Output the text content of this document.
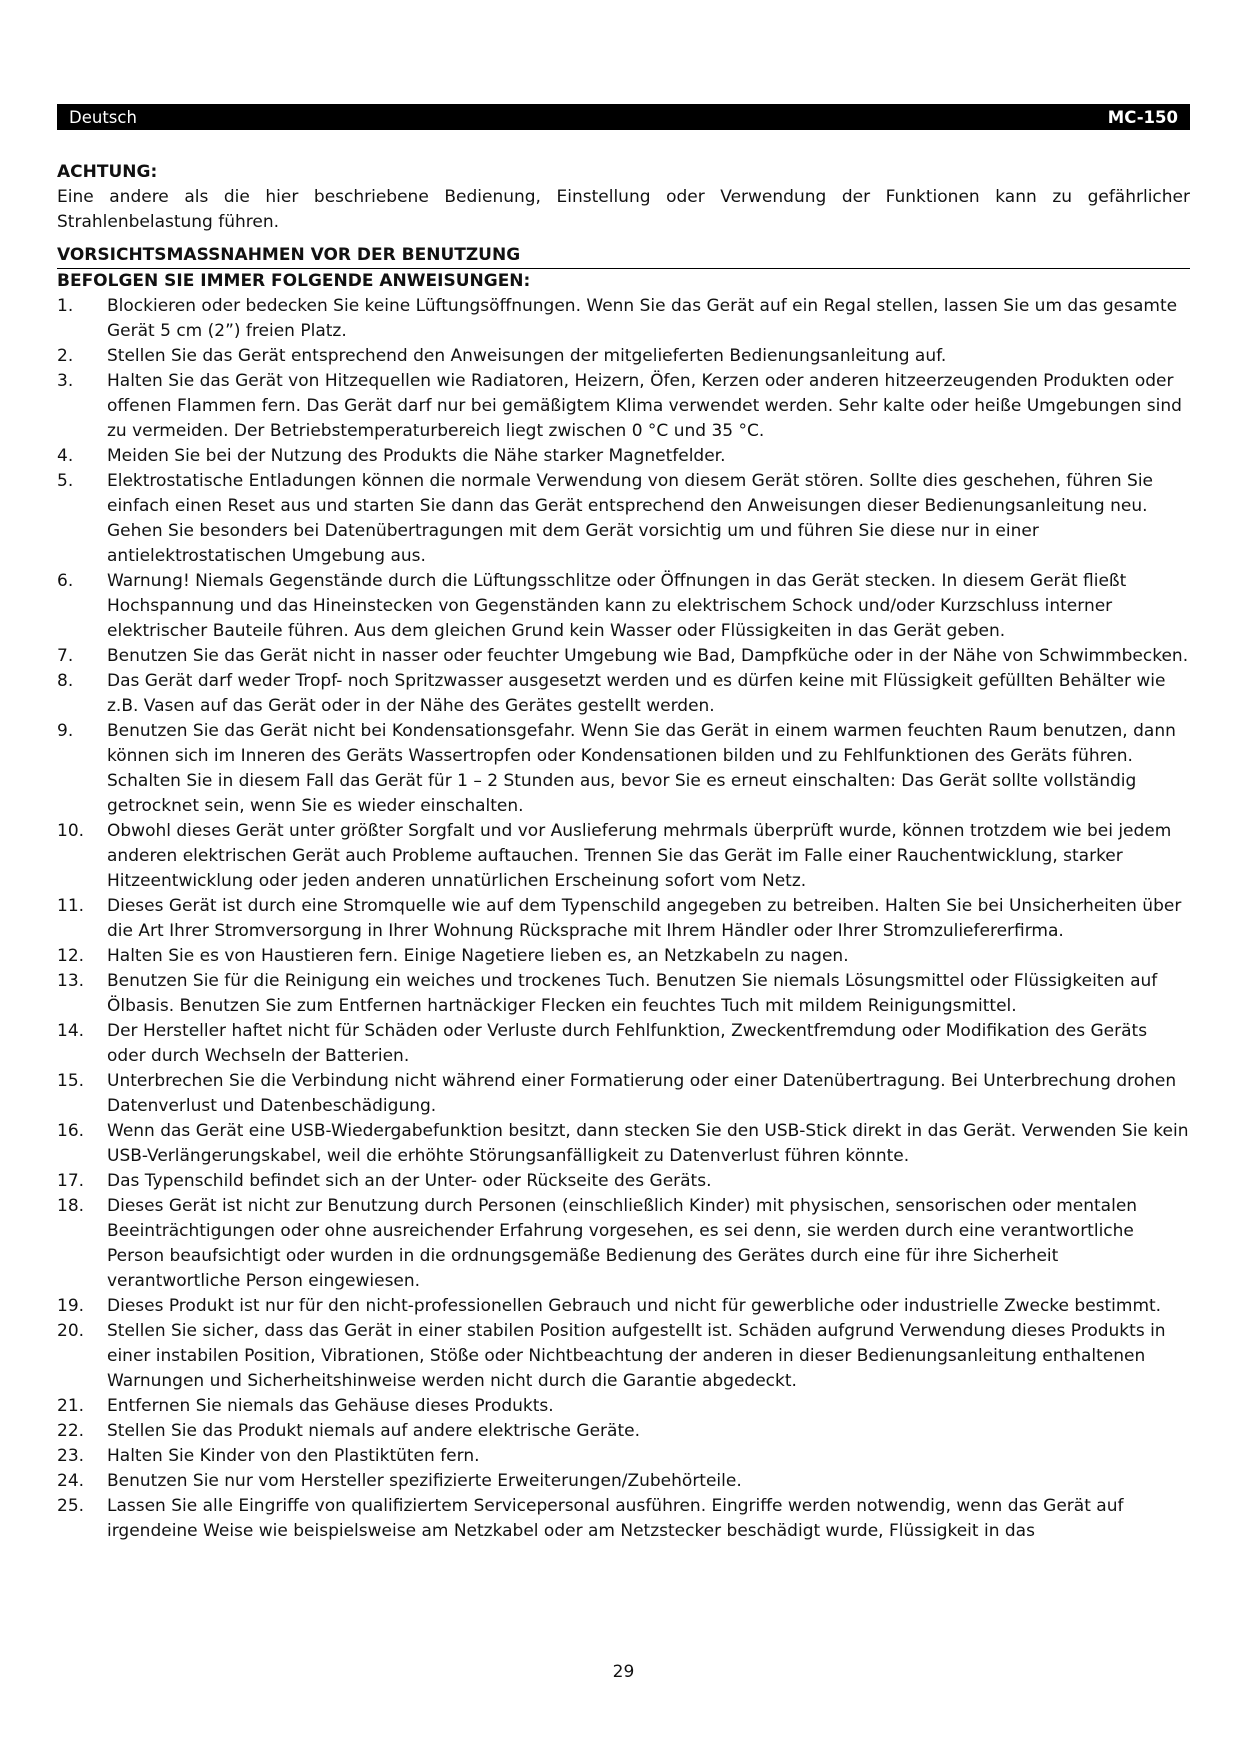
Deutsch	MC-150
ACHTUNG:
Eine andere als die hier beschriebene Bedienung, Einstellung oder Verwendung der Funktionen kann zu gefährlicher Strahlenbelastung führen.
VORSICHTSMASSNAHMEN VOR DER BENUTZUNG
BEFOLGEN SIE IMMER FOLGENDE ANWEISUNGEN:
1.	Blockieren oder bedecken Sie keine Lüftungsöffnungen. Wenn Sie das Gerät auf ein Regal stellen, lassen Sie um das gesamte Gerät 5 cm (2”) freien Platz.
2.	Stellen Sie das Gerät entsprechend den Anweisungen der mitgelieferten Bedienungsanleitung auf.
3.	Halten Sie das Gerät von Hitzequellen wie Radiatoren, Heizern, Öfen, Kerzen oder anderen hitzeerzeugenden Produkten oder offenen Flammen fern. Das Gerät darf nur bei gemäßigtem Klima verwendet werden. Sehr kalte oder heiße Umgebungen sind zu vermeiden. Der Betriebstemperaturbereich liegt zwischen 0 °C und 35 °C.
4.	Meiden Sie bei der Nutzung des Produkts die Nähe starker Magnetfelder.
5.	Elektrostatische Entladungen können die normale Verwendung von diesem Gerät stören. Sollte dies geschehen, führen Sie einfach einen Reset aus und starten Sie dann das Gerät entsprechend den Anweisungen dieser Bedienungsanleitung neu. Gehen Sie besonders bei Datenübertragungen mit dem Gerät vorsichtig um und führen Sie diese nur in einer antielektrostatischen Umgebung aus.
6.	Warnung! Niemals Gegenstände durch die Lüftungsschlitze oder Öffnungen in das Gerät stecken. In diesem Gerät fließt Hochspannung und das Hineinstecken von Gegenständen kann zu elektrischem Schock und/oder Kurzschluss interner elektrischer Bauteile führen. Aus dem gleichen Grund kein Wasser oder Flüssigkeiten in das Gerät geben.
7.	Benutzen Sie das Gerät nicht in nasser oder feuchter Umgebung wie Bad, Dampfküche oder in der Nähe von Schwimmbecken.
8.	Das Gerät darf weder Tropf- noch Spritzwasser ausgesetzt werden und es dürfen keine mit Flüssigkeit gefüllten Behälter wie z.B. Vasen auf das Gerät oder in der Nähe des Gerätes gestellt werden.
9.	Benutzen Sie das Gerät nicht bei Kondensationsgefahr. Wenn Sie das Gerät in einem warmen feuchten Raum benutzen, dann können sich im Inneren des Geräts Wassertropfen oder Kondensationen bilden und zu Fehlfunktionen des Geräts führen. Schalten Sie in diesem Fall das Gerät für 1 – 2 Stunden aus, bevor Sie es erneut einschalten: Das Gerät sollte vollständig getrocknet sein, wenn Sie es wieder einschalten.
10.	Obwohl dieses Gerät unter größter Sorgfalt und vor Auslieferung mehrmals überprüft wurde, können trotzdem wie bei jedem anderen elektrischen Gerät auch Probleme auftauchen. Trennen Sie das Gerät im Falle einer Rauchentwicklung, starker Hitzeentwicklung oder jeden anderen unnatürlichen Erscheinung sofort vom Netz.
11.	Dieses Gerät ist durch eine Stromquelle wie auf dem Typenschild angegeben zu betreiben. Halten Sie bei Unsicherheiten über die Art Ihrer Stromversorgung in Ihrer Wohnung Rücksprache mit Ihrem Händler oder Ihrer Stromzuliefererfirma.
12.	Halten Sie es von Haustieren fern. Einige Nagetiere lieben es, an Netzkabeln zu nagen.
13.	Benutzen Sie für die Reinigung ein weiches und trockenes Tuch. Benutzen Sie niemals Lösungsmittel oder Flüssigkeiten auf Ölbasis. Benutzen Sie zum Entfernen hartnäckiger Flecken ein feuchtes Tuch mit mildem Reinigungsmittel.
14.	Der Hersteller haftet nicht für Schäden oder Verluste durch Fehlfunktion, Zweckentfremdung oder Modifikation des Geräts oder durch Wechseln der Batterien.
15.	Unterbrechen Sie die Verbindung nicht während einer Formatierung oder einer Datenübertragung. Bei Unterbrechung drohen Datenverlust und Datenbeschädigung.
16.	Wenn das Gerät eine USB-Wiedergabefunktion besitzt, dann stecken Sie den USB-Stick direkt in das Gerät. Verwenden Sie kein USB-Verlängerungskabel, weil die erhöhte Störungsanfälligkeit zu Datenverlust führen könnte.
17.	Das Typenschild befindet sich an der Unter- oder Rückseite des Geräts.
18.	Dieses Gerät ist nicht zur Benutzung durch Personen (einschließlich Kinder) mit physischen, sensorischen oder mentalen Beeinträchtigungen oder ohne ausreichender Erfahrung vorgesehen, es sei denn, sie werden durch eine verantwortliche Person beaufsichtigt oder wurden in die ordnungsgemäße Bedienung des Gerätes durch eine für ihre Sicherheit verantwortliche Person eingewiesen.
19.	Dieses Produkt ist nur für den nicht-professionellen Gebrauch und nicht für gewerbliche oder industrielle Zwecke bestimmt.
20.	Stellen Sie sicher, dass das Gerät in einer stabilen Position aufgestellt ist. Schäden aufgrund Verwendung dieses Produkts in einer instabilen Position, Vibrationen, Stöße oder Nichtbeachtung der anderen in dieser Bedienungsanleitung enthaltenen Warnungen und Sicherheitshinweise werden nicht durch die Garantie abgedeckt.
21.	Entfernen Sie niemals das Gehäuse dieses Produkts.
22.	Stellen Sie das Produkt niemals auf andere elektrische Geräte.
23.	Halten Sie Kinder von den Plastiktüten fern.
24.	Benutzen Sie nur vom Hersteller spezifizierte Erweiterungen/Zubehörteile.
25.	Lassen Sie alle Eingriffe von qualifiziertem Servicepersonal ausführen. Eingriffe werden notwendig, wenn das Gerät auf irgendeine Weise wie beispielsweise am Netzkabel oder am Netzstecker beschädigt wurde, Flüssigkeit in das
29
